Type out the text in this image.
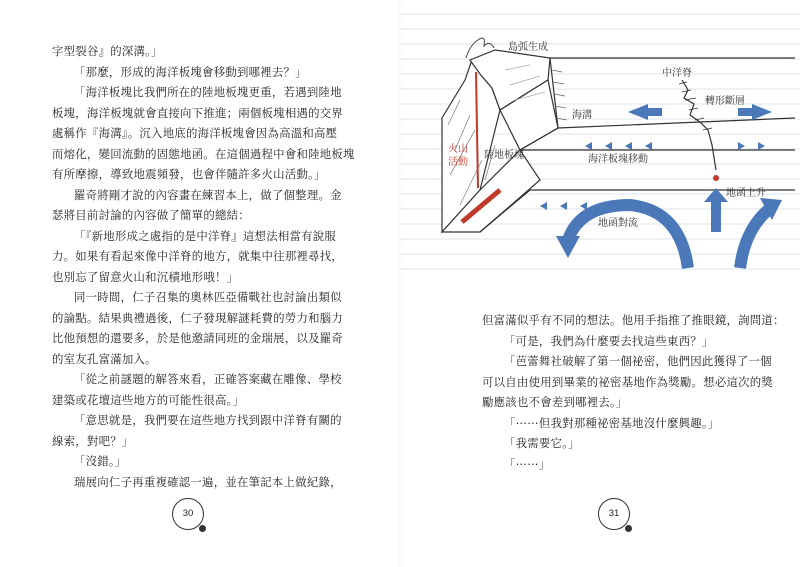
字型裂谷』的深溝。」
「那麼，形成的海洋板塊會移動到哪裡去？」
「海洋板塊比我們所在的陸地板塊更重，若遇到陸地
板塊，海洋板塊就會直接向下推進；兩個板塊相遇的交界
處稱作『海溝』。沉入地底的海洋板塊會因為高溫和高壓
而熔化，變回流動的固態地函。在這個過程中會和陸地板塊
有所摩擦，導致地震頻發，也會伴隨許多火山活動。」
羅奇將剛才說的內容畫在練習本上，做了個整理。金
瑟將目前討論的內容做了簡單的總結：
「『新地形成之處指的是中洋脊』這想法相當有說服
力。如果有看起來像中洋脊的地方，就集中往那裡尋找，
也別忘了留意火山和沉積地形哦！」
同一時間，仁子召集的奧林匹亞備戰社也討論出類似
的論點。結果典禮過後，仁子發現解謎耗費的勞力和腦力
比他預想的還要多，於是他邀請同班的金瑞展，以及羅奇
的室友孔富滿加入。
「從之前謎題的解答來看，正確答案藏在雕像、學校
建築或花壇這些地方的可能性很高。」
「意思就是，我們要在這些地方找到跟中洋脊有關的
線索，對吧？」
「沒錯。」
瑞展向仁子再重複確認一遍，並在筆記本上做紀錄，
30
島弧生成
中洋脊
轉形斷層
海溝
陸地板塊	海洋板塊移動
地函上升
地函對流
火山 活動
但富滿似乎有不同的想法。他用手指推了推眼鏡，詢問道：
「可是，我們為什麼要去找這些東西？」
「芭蕾舞社破解了第一個祕密，他們因此獲得了一個
可以自由使用到畢業的祕密基地作為獎勵。想必這次的獎
勵應該也不會差到哪裡去。」
「⋯⋯但我對那種祕密基地沒什麼興趣。」
「我需要它。」
「⋯⋯」
31
